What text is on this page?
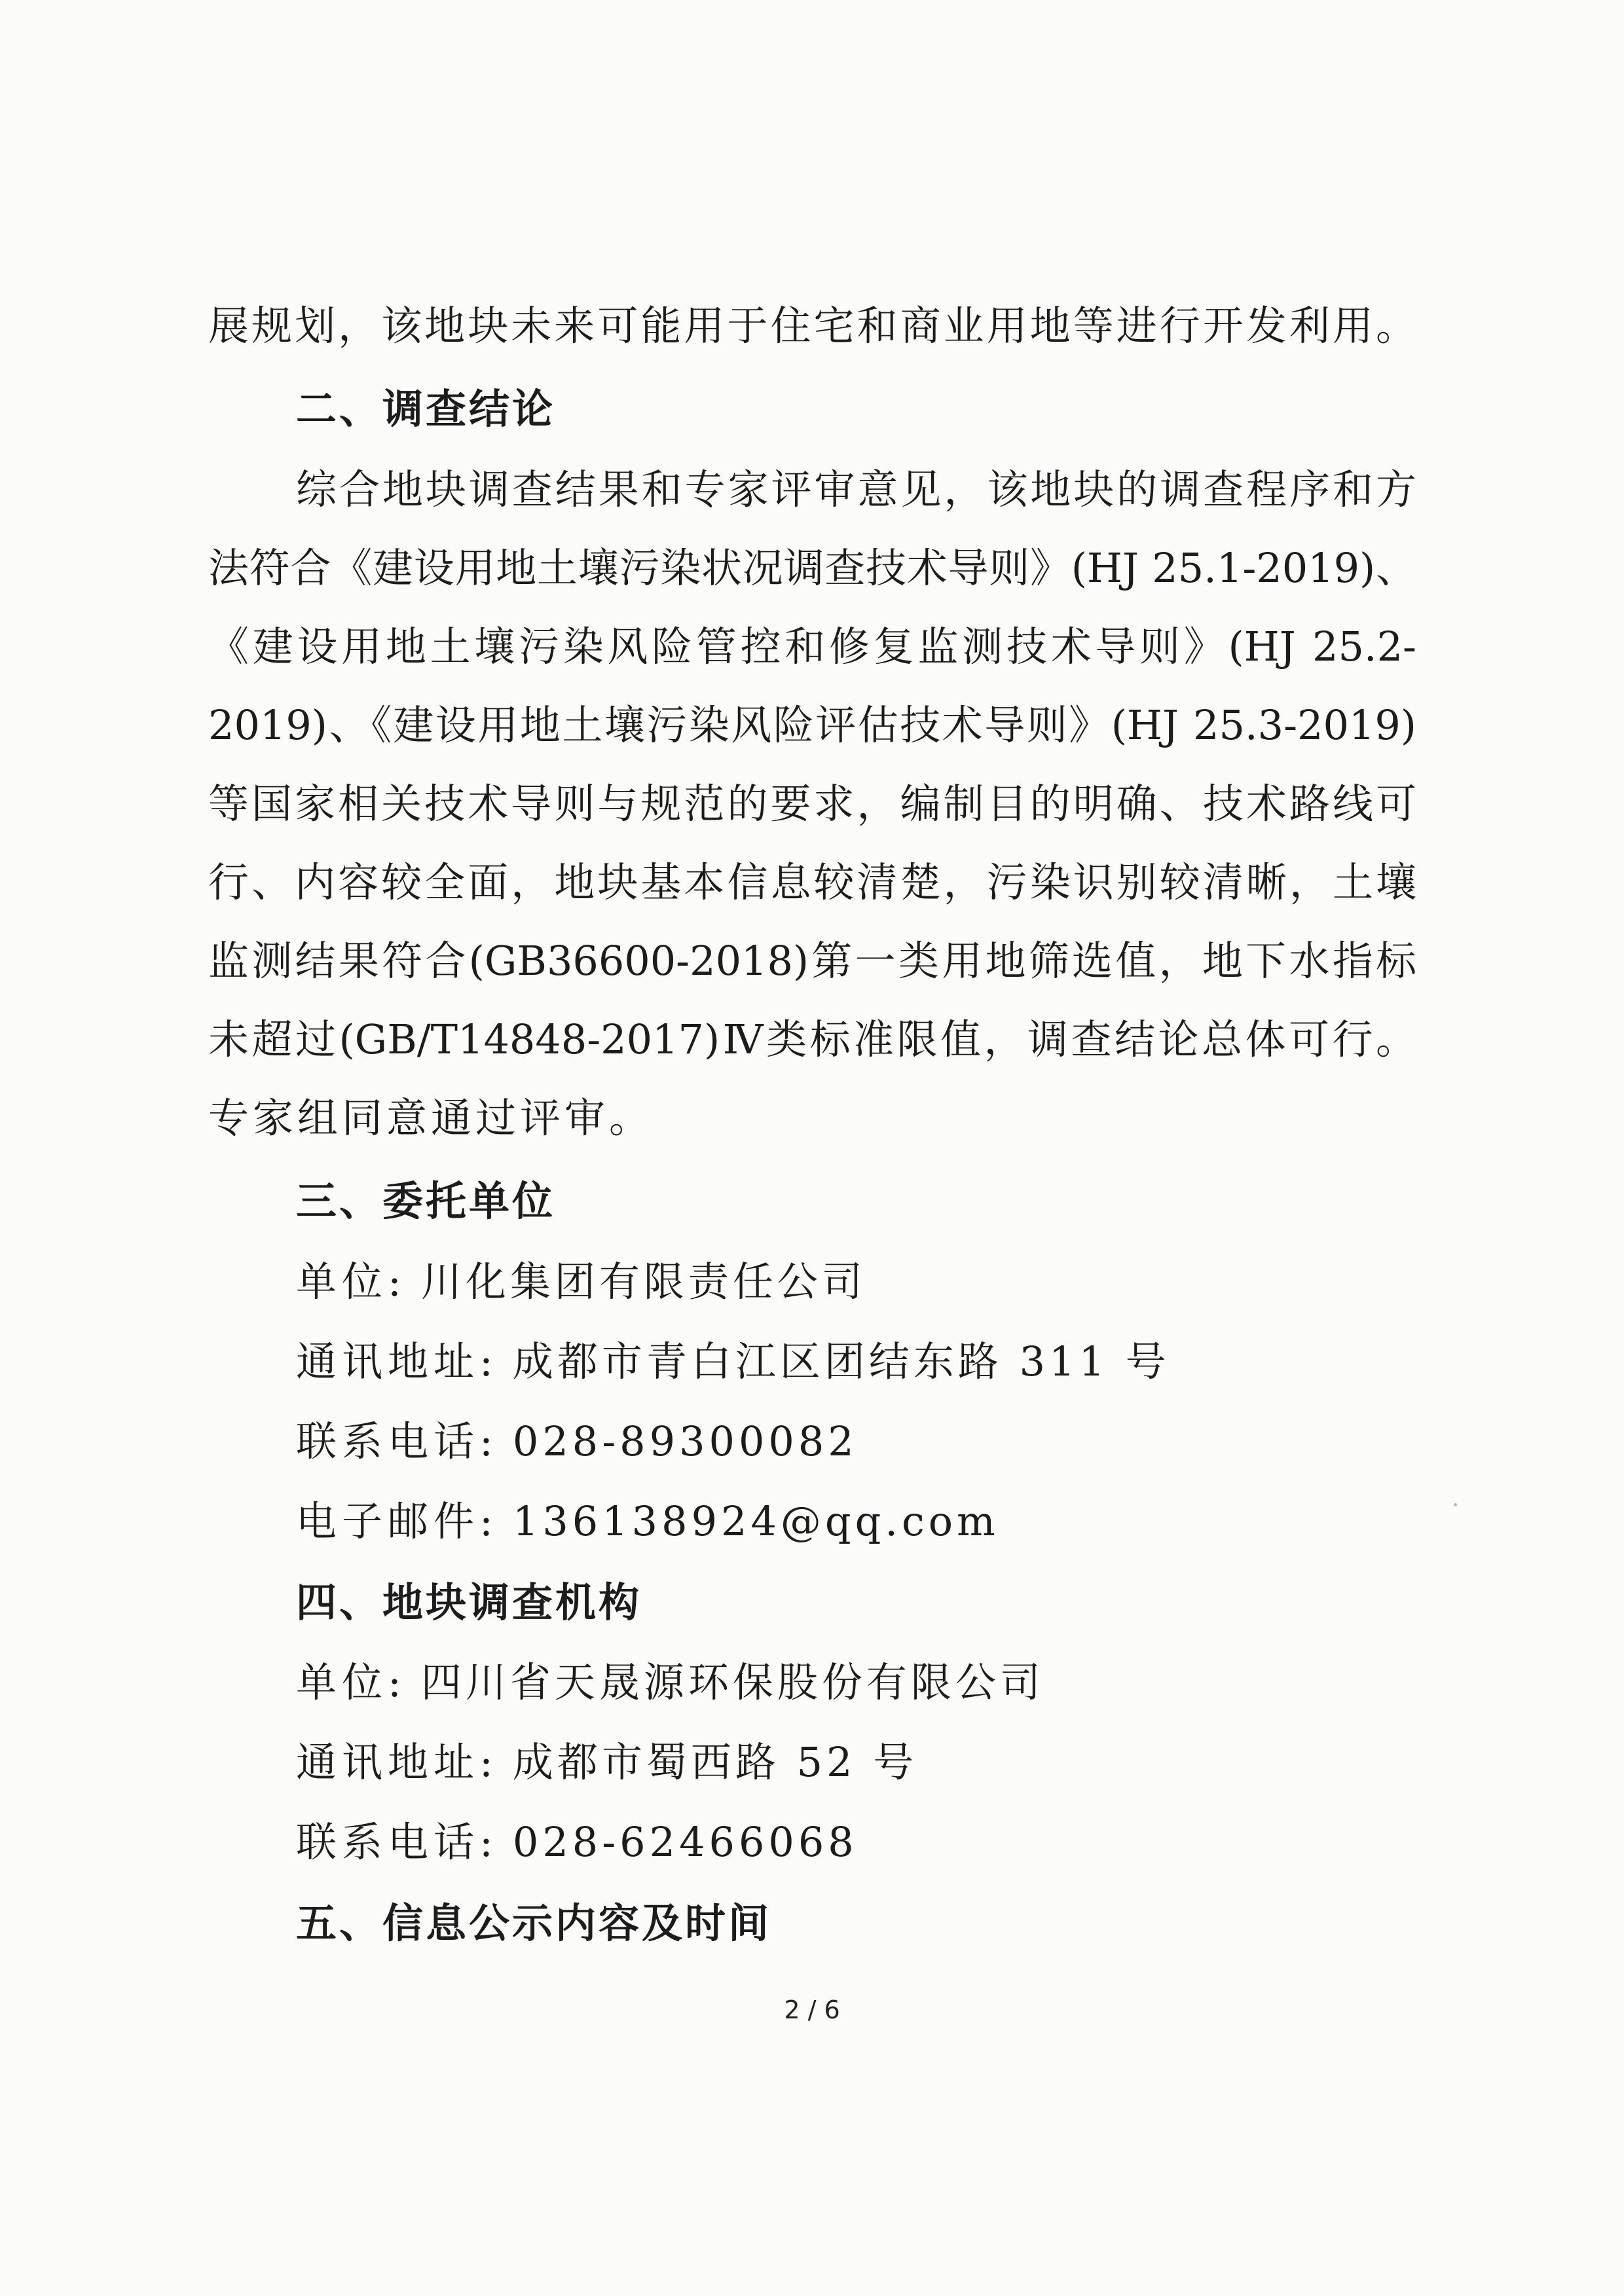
展规划，该地块未来可能用于住宅和商业用地等进行开发利用。
二、调查结论
综合地块调查结果和专家评审意见，该地块的调查程序和方
法符合《建设用地土壤污染状况调查技术导则》(HJ 25.1-2019)、
《建设用地土壤污染风险管控和修复监测技术导则》(HJ 25.2-
2019)、《建设用地土壤污染风险评估技术导则》(HJ 25.3-2019)
等国家相关技术导则与规范的要求，编制目的明确、技术路线可
行、内容较全面，地块基本信息较清楚，污染识别较清晰，土壤
监测结果符合(GB36600-2018)第一类用地筛选值，地下水指标
未超过(GB/T14848-2017)Ⅳ类标准限值，调查结论总体可行。
专家组同意通过评审。
三、委托单位
单位: 川化集团有限责任公司
通讯地址: 成都市青白江区团结东路 311 号
联系电话: 028-89300082
电子邮件: 136138924@qq.com
四、地块调查机构
单位: 四川省天晟源环保股份有限公司
通讯地址: 成都市蜀西路 52 号
联系电话: 028-62466068
五、信息公示内容及时间
2 / 6
